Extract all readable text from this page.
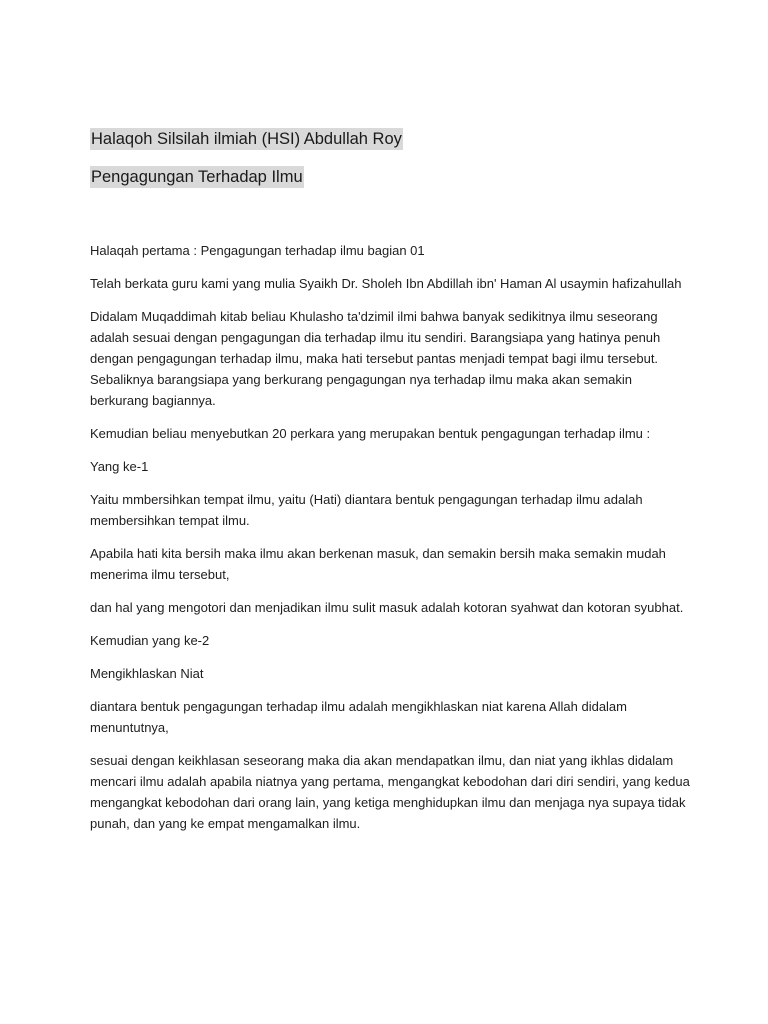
Halaqoh Silsilah ilmiah (HSI) Abdullah Roy
Pengagungan Terhadap Ilmu

Halaqah pertama : Pengagungan terhadap ilmu bagian 01

Telah berkata guru kami yang mulia Syaikh Dr. Sholeh Ibn Abdillah ibn' Haman Al usaymin hafizahullah

Didalam Muqaddimah kitab beliau Khulasho ta'dzimil ilmi bahwa banyak sedikitnya ilmu seseorang adalah sesuai dengan pengagungan dia terhadap ilmu itu sendiri. Barangsiapa yang hatinya penuh dengan pengagungan terhadap ilmu, maka hati tersebut pantas menjadi tempat bagi ilmu tersebut. Sebaliknya barangsiapa yang berkurang pengagungan nya terhadap ilmu maka akan semakin berkurang bagiannya.

Kemudian beliau menyebutkan 20 perkara yang merupakan bentuk pengagungan terhadap ilmu :

Yang ke-1

Yaitu mmbersihkan tempat ilmu, yaitu (Hati) diantara bentuk pengagungan terhadap ilmu adalah membersihkan tempat ilmu.

Apabila hati kita bersih maka ilmu akan berkenan masuk, dan semakin bersih maka semakin mudah menerima ilmu tersebut,

dan hal yang mengotori dan menjadikan ilmu sulit masuk adalah kotoran syahwat dan kotoran syubhat.

Kemudian yang ke-2

Mengikhlaskan Niat

diantara bentuk pengagungan terhadap ilmu adalah mengikhlaskan niat karena Allah didalam menuntutnya,

sesuai dengan keikhlasan seseorang maka dia akan mendapatkan ilmu, dan niat yang ikhlas didalam mencari ilmu adalah apabila niatnya yang pertama, mengangkat kebodohan dari diri sendiri, yang kedua mengangkat kebodohan dari orang lain, yang ketiga menghidupkan ilmu dan menjaga nya supaya tidak punah, dan yang ke empat mengamalkan ilmu.
